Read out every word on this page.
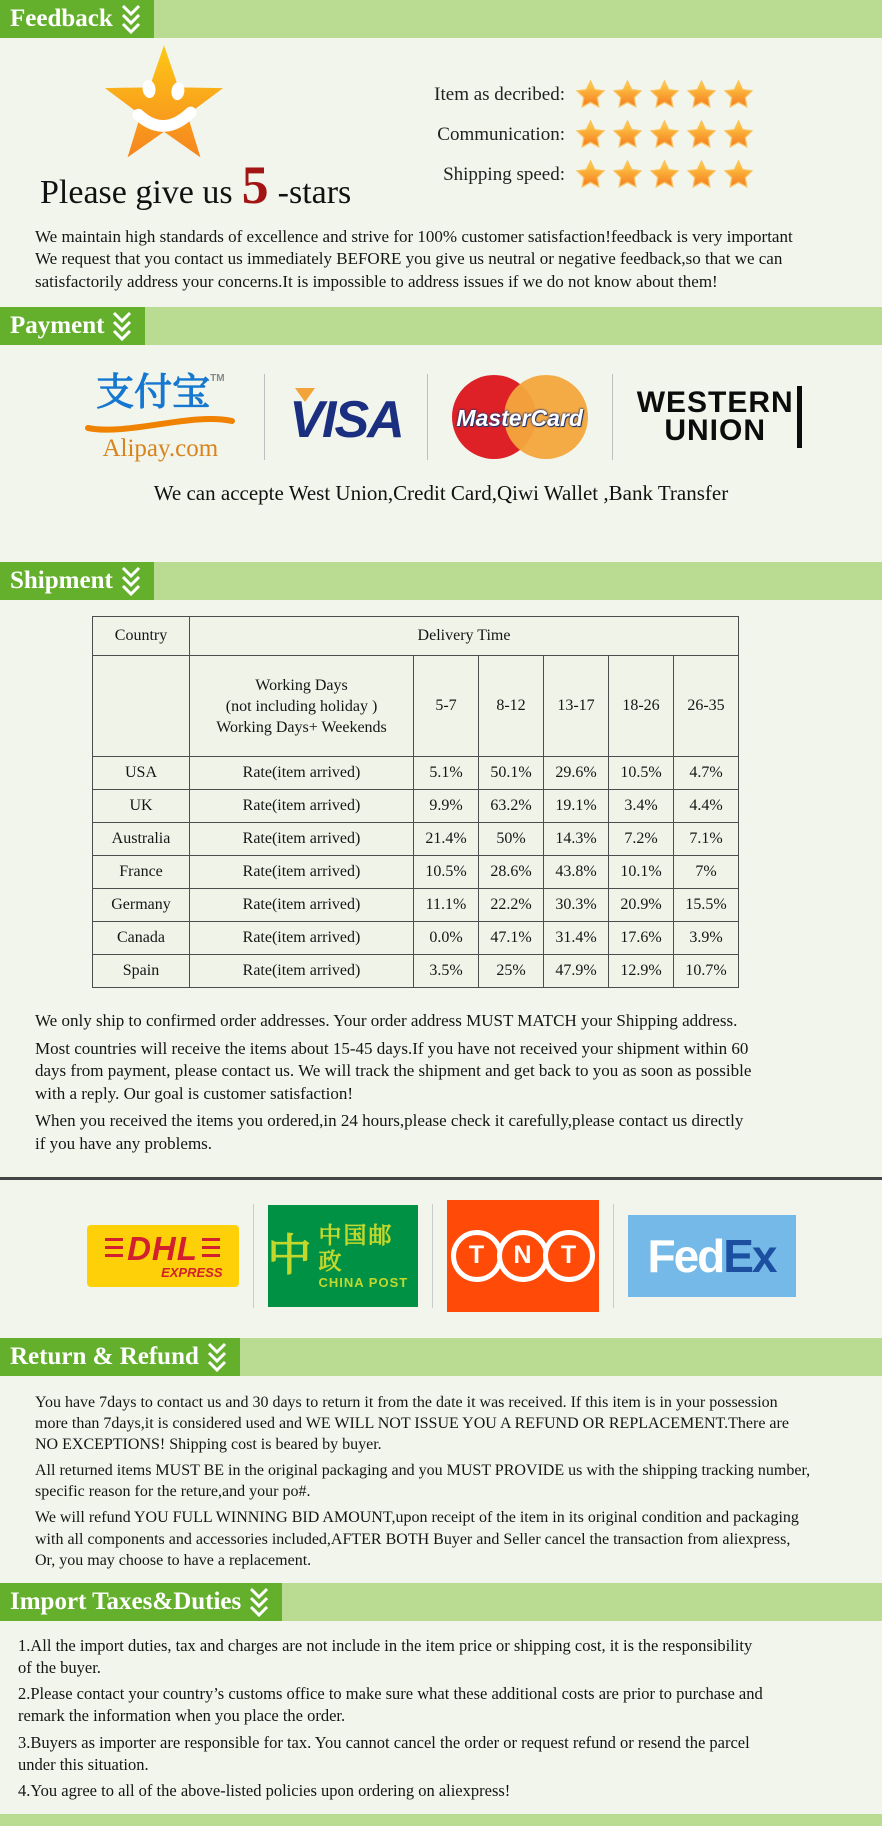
Feedback
Please give us 5 -stars
Item as decribed:
Communication:
Shipping speed:
We maintain high standards of excellence and strive for 100% customer satisfaction!feedback is very important
We request that you contact us immediately BEFORE you give us neutral or negative feedback,so that we can
satisfactorily address your concerns.It is impossible to address issues if we do not know about them!
Payment
支付宝™
Alipay.com VISA MasterCard WESTERN
UNION
We can accepte West Union,Credit Card,Qiwi Wallet ,Bank Transfer
Shipment
Country	Delivery Time					

	Working Days
(not including holiday )
Working Days+ Weekends	5-7	8-12	13-17	18-26	26-35
USA	Rate(item arrived)	5.1%	50.1%	29.6%	10.5%	4.7%
UK	Rate(item arrived)	9.9%	63.2%	19.1%	3.4%	4.4%
Australia	Rate(item arrived)	21.4%	50%	14.3%	7.2%	7.1%
France	Rate(item arrived)	10.5%	28.6%	43.8%	10.1%	7%
Germany	Rate(item arrived)	11.1%	22.2%	30.3%	20.9%	15.5%
Canada	Rate(item arrived)	0.0%	47.1%	31.4%	17.6%	3.9%
Spain	Rate(item arrived)	3.5%	25%	47.9%	12.9%	10.7%
We only ship to confirmed order addresses. Your order address MUST MATCH your Shipping address.
Most countries will receive the items about 15-45 days.If you have not received your shipment within 60
days from payment, please contact us. We will track the shipment and get back to you as soon as possible
with a reply. Our goal is customer satisfaction!
When you received the items you ordered,in 24 hours,please check it carefully,please contact us directly
if you have any problems.
DHL
EXPRESS 中 中国邮政
CHINA POST
T	N	T	Fed Ex
Return & Refund
You have 7days to contact us and 30 days to return it from the date it was received. If this item is in your possession
more than 7days,it is considered used and WE WILL NOT ISSUE YOU A REFUND OR REPLACEMENT.There are
NO EXCEPTIONS! Shipping cost is beared by buyer.
All returned items MUST BE in the original packaging and you MUST PROVIDE us with the shipping tracking number,
specific reason for the reture,and your po#.
We will refund YOU FULL WINNING BID AMOUNT,upon receipt of the item in its original condition and packaging
with all components and accessories included,AFTER BOTH Buyer and Seller cancel the transaction from aliexpress,
Or, you may choose to have a replacement.
Import Taxes&Duties
1.All the import duties, tax and charges are not include in the item price or shipping cost, it is the responsibility
of the buyer.
2.Please contact your country’s customs office to make sure what these additional costs are prior to purchase and
remark the information when you place the order.
3.Buyers as importer are responsible for tax. You cannot cancel the order or request refund or resend the parcel
under this situation.
4.You agree to all of the above-listed policies upon ordering on aliexpress!
